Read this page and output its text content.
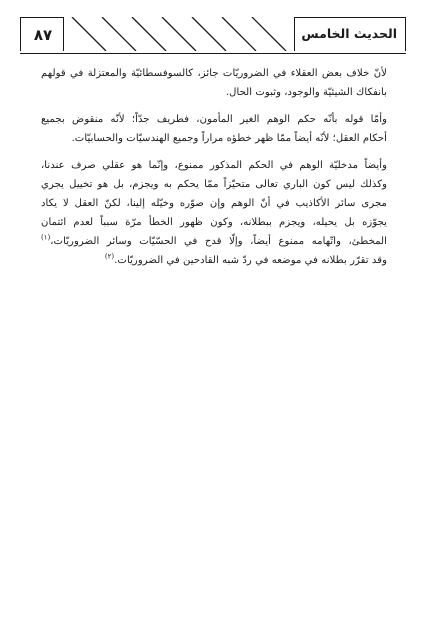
٨٧	الحديث الخامس
لأنّ خلاف بعض العقلاء في الضروريّات جائز، كالسوفسطائيّة والمعتزلة في قولهم
بانفكاك الشيئيّة والوجود، وثبوت الحال.
وأمّا قوله بأنّه حكم الوهم الغير المأمون، فطريف جدّاً؛ لأنّه منقوض بجميع
أحكام العقل؛ لأنّه أيضاً ممّا ظهر خطؤه مراراً وجميع الهندسيّات والحسابيّات.
وأيضاً مدخليّة الوهم في الحكم المذكور ممنوع، وإنّما هو عقلي صرف عندنا،
وكذلك ليس كون الباري تعالى متحيّزاً ممّا يحكم به ويجزم، بل هو تخييل يجري
مجرى سائر الأكاذيب في أنّ الوهم وإن صوّره وخيّله إلينا، لكنّ العقل لا يكاد
يجوّزه بل يحيله، ويجزم ببطلانه، وكون ظهور الخطأ مرّة سبباً لعدم ائتمان
المخطئ، واتّهامه ممنوع أيضاً، وإلّا قدح في الحسّيّات وسائر الضروريّات،$^{(١)}$
وقد تقرّر بطلانه في موضعه في ردّ شبه القادحين في الضروريّات.$^{(٢)}$
